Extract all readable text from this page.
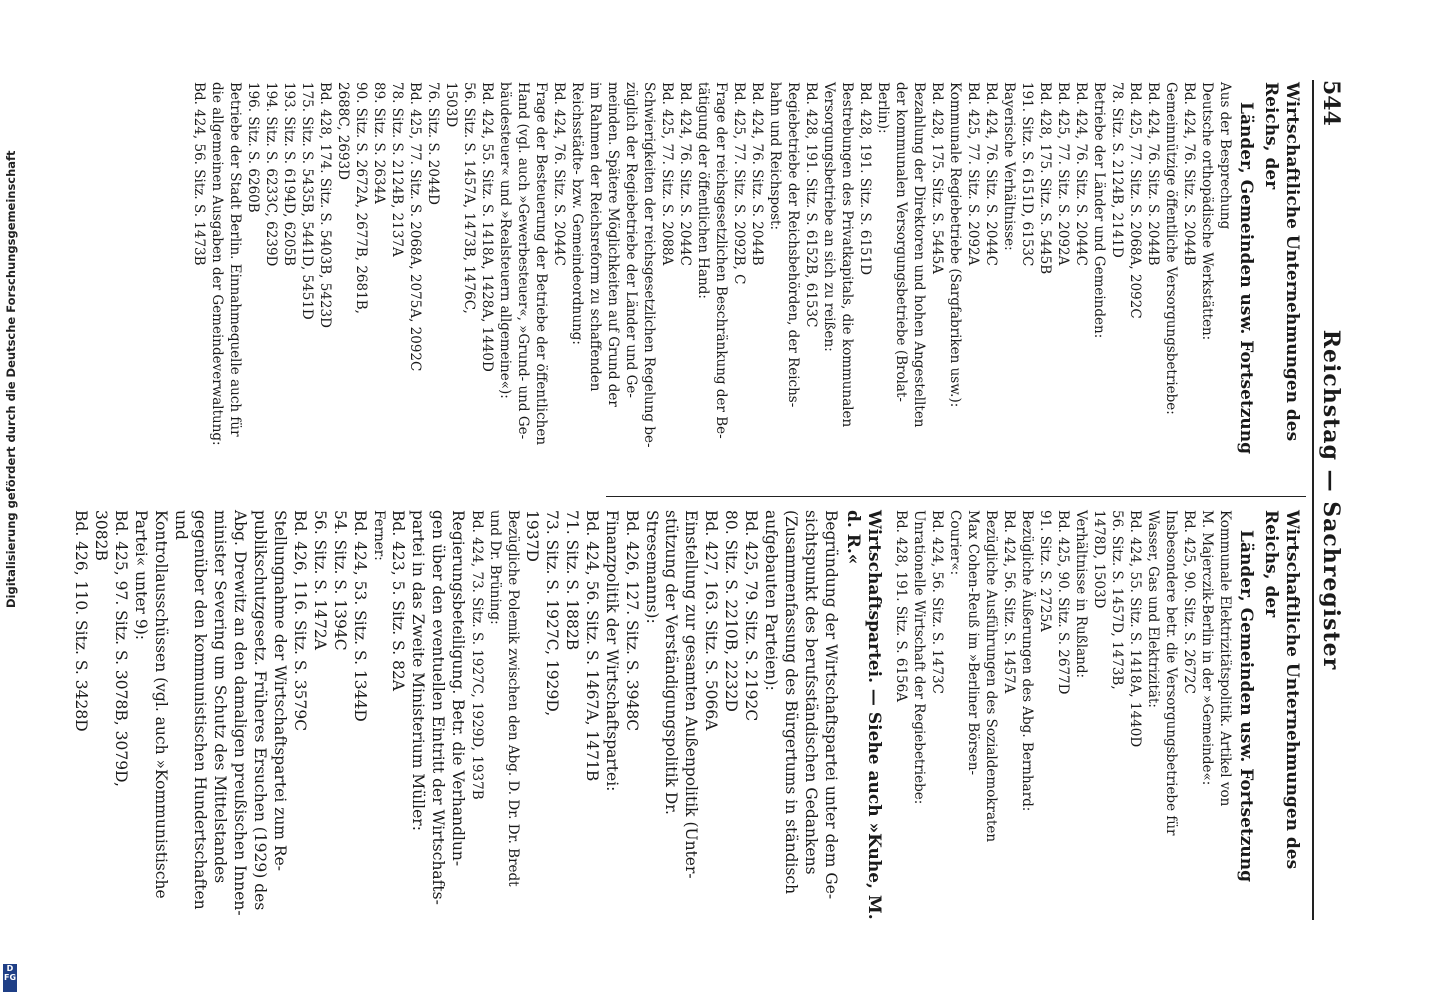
544
Reichstag — Sachregister
Wirtschaftliche Unternehmungen des Reichs, der
Länder, Gemeinden usw. Fortsetzung
Aus der Besprechung
Deutsche orthopädische Werkstätten:
Bd. 424, 76. Sitz. S. 2044B
Gemeinnützige öffentliche Versorgungsbetriebe:
Bd. 424, 76. Sitz. S. 2044B
Bd. 425, 77. Sitz. S. 2068A, 2092C
78. Sitz. S. 2124B, 2141D
Betriebe der Länder und Gemeinden:
Bd. 424, 76. Sitz. S. 2044C
Bd. 425, 77. Sitz. S. 2092A
Bd. 428, 175. Sitz. S. 5445B
191. Sitz. S. 6151D, 6153C
Bayerische Verhältnisse:
Bd. 424, 76. Sitz. S. 2044C
Bd. 425, 77. Sitz. S. 2092A
Kommunale Regiebetriebe (Sargfabriken usw.):
Bd. 428, 175. Sitz. S. 5445A
Bezahlung der Direktoren und hohen Angestellten
der kommunalen Versorgungsbetriebe (Brolat-
Berlin):
Bd. 428, 191. Sitz. S. 6151D
Bestrebungen des Privatkapitals, die kommunalen
Versorgungsbetriebe an sich zu reißen:
Bd. 428, 191. Sitz. S. 6152B, 6153C
Regiebetriebe der Reichsbehörden, der Reichs-
bahn und Reichspost:
Bd. 424, 76. Sitz. S. 2044B
Bd. 425, 77. Sitz. S. 2092B, C
Frage der reichsgesetzlichen Beschränkung der Be-
tätigung der öffentlichen Hand:
Bd. 424, 76. Sitz. S. 2044C
Bd. 425, 77. Sitz. S. 2088A
Schwierigkeiten der reichsgesetzlichen Regelung be-
züglich der Regiebetriebe der Länder und Ge-
meinden. Spätere Möglichkeiten auf Grund der
im Rahmen der Reichsreform zu schaffenden
Reichsstädte- bzw. Gemeindeordnung:
Bd. 424, 76. Sitz. S. 2044C
Frage der Besteuerung der Betriebe der öffentlichen
Hand (vgl. auch »Gewerbesteuer«, »Grund- und Ge-
bäudesteuer« und »Realsteuern allgemeine«):
Bd. 424, 55. Sitz. S. 1418A, 1428A, 1440D
56. Sitz. S. 1457A, 1473B, 1476C,
1503D
76. Sitz. S. 2044D
Bd. 425, 77. Sitz. S. 2068A, 2075A, 2092C
78. Sitz. S. 2124B, 2137A
89. Sitz. S. 2634A
90. Sitz. S. 2672A, 2677B, 2681B,
2688C, 2693D
Bd. 428, 174. Sitz. S. 5403B, 5423D
175. Sitz. S. 5435B, 5441D, 5451D
193. Sitz. S. 6194D, 6205B
194. Sitz. S. 6233C, 6239D
196. Sitz. S. 6260B
Betriebe der Stadt Berlin. Einnahmequelle auch für
die allgemeinen Ausgaben der Gemeindeverwaltung:
Bd. 424, 56. Sitz. S. 1473B
Wirtschaftliche Unternehmungen des Reichs, der
Länder, Gemeinden usw. Fortsetzung
Kommunale Elektrizitätspolitik. Artikel von
M. Majerczik-Berlin in der »Gemeinde«:
Bd. 425, 90. Sitz. S. 2672C
Insbesondere betr. die Versorgungsbetriebe für
Wasser, Gas und Elektrizität:
Bd. 424, 55. Sitz. S. 1418A, 1440D
56. Sitz. S. 1457D, 1473B,
1478D, 1503D
Verhältnisse in Rußland:
Bd. 425, 90. Sitz. S. 2677D
91. Sitz. S. 2725A
Bezügliche Äußerungen des Abg. Bernhard:
Bd. 424, 56. Sitz. S. 1457A
Bezügliche Ausführungen des Sozialdemokraten
Max Cohen-Reuß im »Berliner Börsen-
Courier«:
Bd. 424, 56. Sitz. S. 1473C
Unrationelle Wirtschaft der Regiebetriebe:
Bd. 428, 191. Sitz. S. 6156A
Wirtschaftspartei. — Siehe auch »Kuhe, M. d. R.«
Begründung der Wirtschaftspartei unter dem Ge-
sichtspunkt des berufsständischen Gedankens
(Zusammenfassung des Bürgertums in ständisch
aufgebauten Parteien):
Bd. 425, 79. Sitz. S. 2192C
80. Sitz. S. 2210B, 2232D
Bd. 427, 163. Sitz. S. 5066A
Einstellung zur gesamten Außenpolitik (Unter-
stützung der Verständigungspolitik Dr. Stresemanns):
Bd. 426, 127. Sitz. S. 3948C
Finanzpolitik der Wirtschaftspartei:
Bd. 424, 56. Sitz. S. 1467A, 1471B
71. Sitz. S. 1882B
73. Sitz. S. 1927C, 1929D,
1937D
Bezügliche Polemik zwischen den Abg. D. Dr. Dr. Bredt
und Dr. Brüning:
Bd. 424, 73. Sitz. S. 1927C, 1929D, 1937B
Regierungsbeteiligung. Betr. die Verhandlun-
gen über den eventuellen Eintritt der Wirtschafts-
partei in das Zweite Ministerium Müller:
Bd. 423, 5. Sitz. S. 82A
Ferner:
Bd. 424, 53. Sitz. S. 1344D
54. Sitz. S. 1394C
56. Sitz. S. 1472A
Bd. 426, 116. Sitz. S. 3579C
Stellungnahme der Wirtschaftspartei zum Re-
publikschutzgesetz. Früheres Ersuchen (1929) des
Abg. Drewitz an den damaligen preußischen Innen-
minister Severing um Schutz des Mittelstandes
gegenüber den kommunistischen Hundertschaften und
Kontrollausschüssen (vgl. auch »Kommunistische
Partei« unter 9):
Bd. 425, 97. Sitz. S. 3078B, 3079D,
3082B
Bd. 426, 110. Sitz. S. 3428D
Digitalisierung gefördert durch die Deutsche Forschungsgemeinschaft
D
FG
